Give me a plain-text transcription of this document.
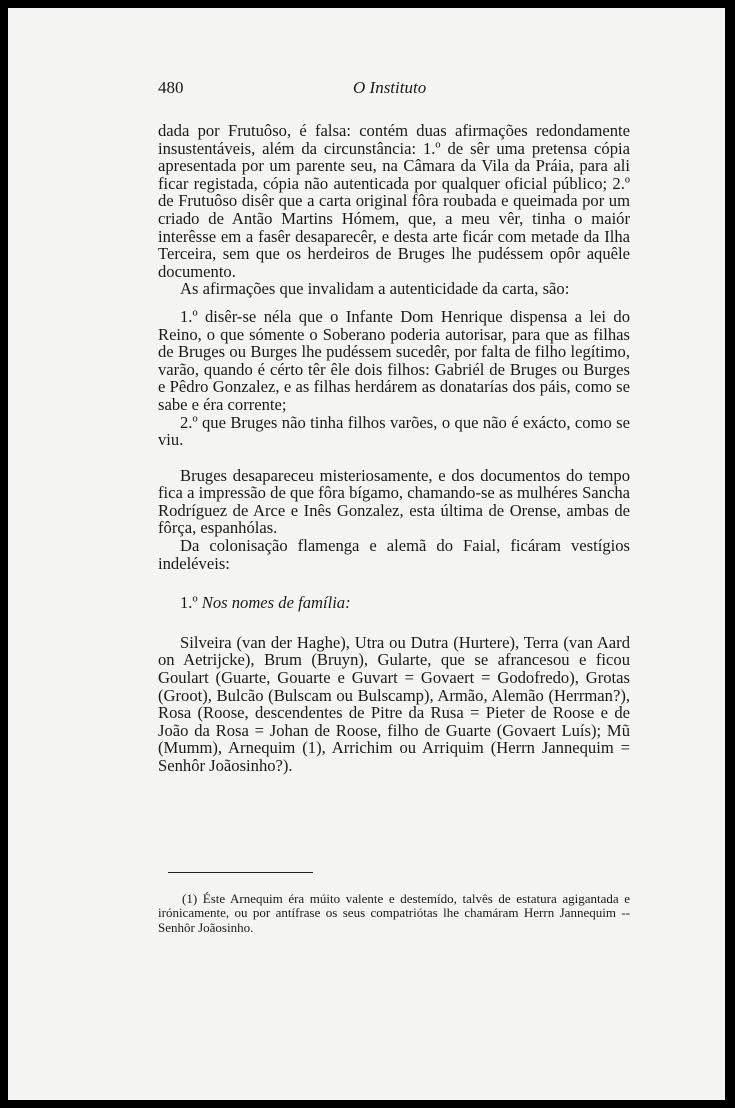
480	O Instituto

dada por Frutuôso, é falsa: contém duas afirmações redondamente insustentáveis, além da circunstância: 1.º de sêr uma pretensa cópia apresentada por um parente seu, na Câmara da Vila da Práia, para ali ficar registada, cópia não autenticada por qualquer oficial público; 2.º de Frutuôso disêr que a carta original fôra roubada e queimada por um criado de Antão Martins Hómem, que, a meu vêr, tinha o maiór interêsse em a fasêr desaparecêr, e desta arte ficár com metade da Ilha Terceira, sem que os herdeiros de Bruges lhe pudéssem opôr aquêle documento.

As afirmações que invalidam a autenticidade da carta, são:

1.º disêr-se néla que o Infante Dom Henrique dispensa a lei do Reino, o que sómente o Soberano poderia autorisar, para que as filhas de Bruges ou Burges lhe pudéssem sucedêr, por falta de filho legítimo, varão, quando é cérto têr êle dois filhos: Gabriél de Bruges ou Burges e Pêdro Gonzalez, e as filhas herdárem as donatarías dos páis, como se sabe e éra corrente;

2.º que Bruges não tinha filhos varões, o que não é exácto, como se viu.

Bruges desapareceu misteriosamente, e dos documentos do tempo fica a impressão de que fôra bígamo, chamando-se as mulhéres Sancha Rodríguez de Arce e Inês Gonzalez, esta última de Orense, ambas de fôrça, espanhólas.

Da colonisação flamenga e alemã do Faial, ficáram vestígios indeléveis:

1.º Nos nomes de família:

Silveira (van der Haghe), Utra ou Dutra (Hurtere), Terra (van Aard on Aetrijcke), Brum (Bruyn), Gularte, que se afrancesou e ficou Goulart (Guarte, Gouarte e Guvart = Govaert = Godofredo), Grotas (Groot), Bulcão (Bulscam ou Bulscamp), Armão, Alemão (Herrman?), Rosa (Roose, descendentes de Pitre da Rusa = Pieter de Roose e de João da Rosa = Johan de Roose, filho de Guarte (Govaert Luís); Mũ (Mumm), Arnequim (1), Arrichim ou Arriquim (Herrn Jannequim = Senhôr Joãosinho?).

(1) Éste Arnequim éra múito valente e destemído, talvês de estatura agigantada e irónicamente, ou por antífrase os seus compatriótas lhe chamáram Herrn Jannequim -- Senhôr Joãosinho.
